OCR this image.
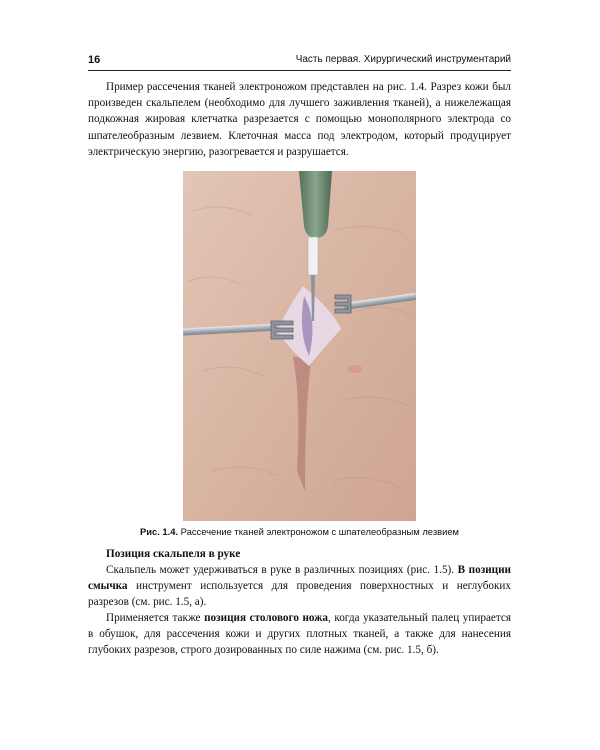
16	Часть первая. Хирургический инструментарий

Пример рассечения тканей электроножом представлен на рис. 1.4. Разрез кожи был произведен скальпелем (необходимо для лучшего заживления тканей), а нижележащая подкожная жировая клетчатка разрезается с помощью монополярного электрода со шпателеобразным лезвием. Клеточная масса под электродом, который продуцирует электрическую энергию, разогревается и разрушается.

Рис. 1.4. Рассечение тканей электроножом с шпателеобразным лезвием
Позиция скальпеля в руке

Скальпель может удерживаться в руке в различных позициях (рис. 1.5). В позиции смычка инструмент используется для проведения поверхностных и неглубоких разрезов (см. рис. 1.5, а).

Применяется также позиция столового ножа, когда указательный палец упирается в обушок, для рассечения кожи и других плотных тканей, а также для нанесения глубоких разрезов, строго дозированных по силе нажима (см. рис. 1.5, б).
